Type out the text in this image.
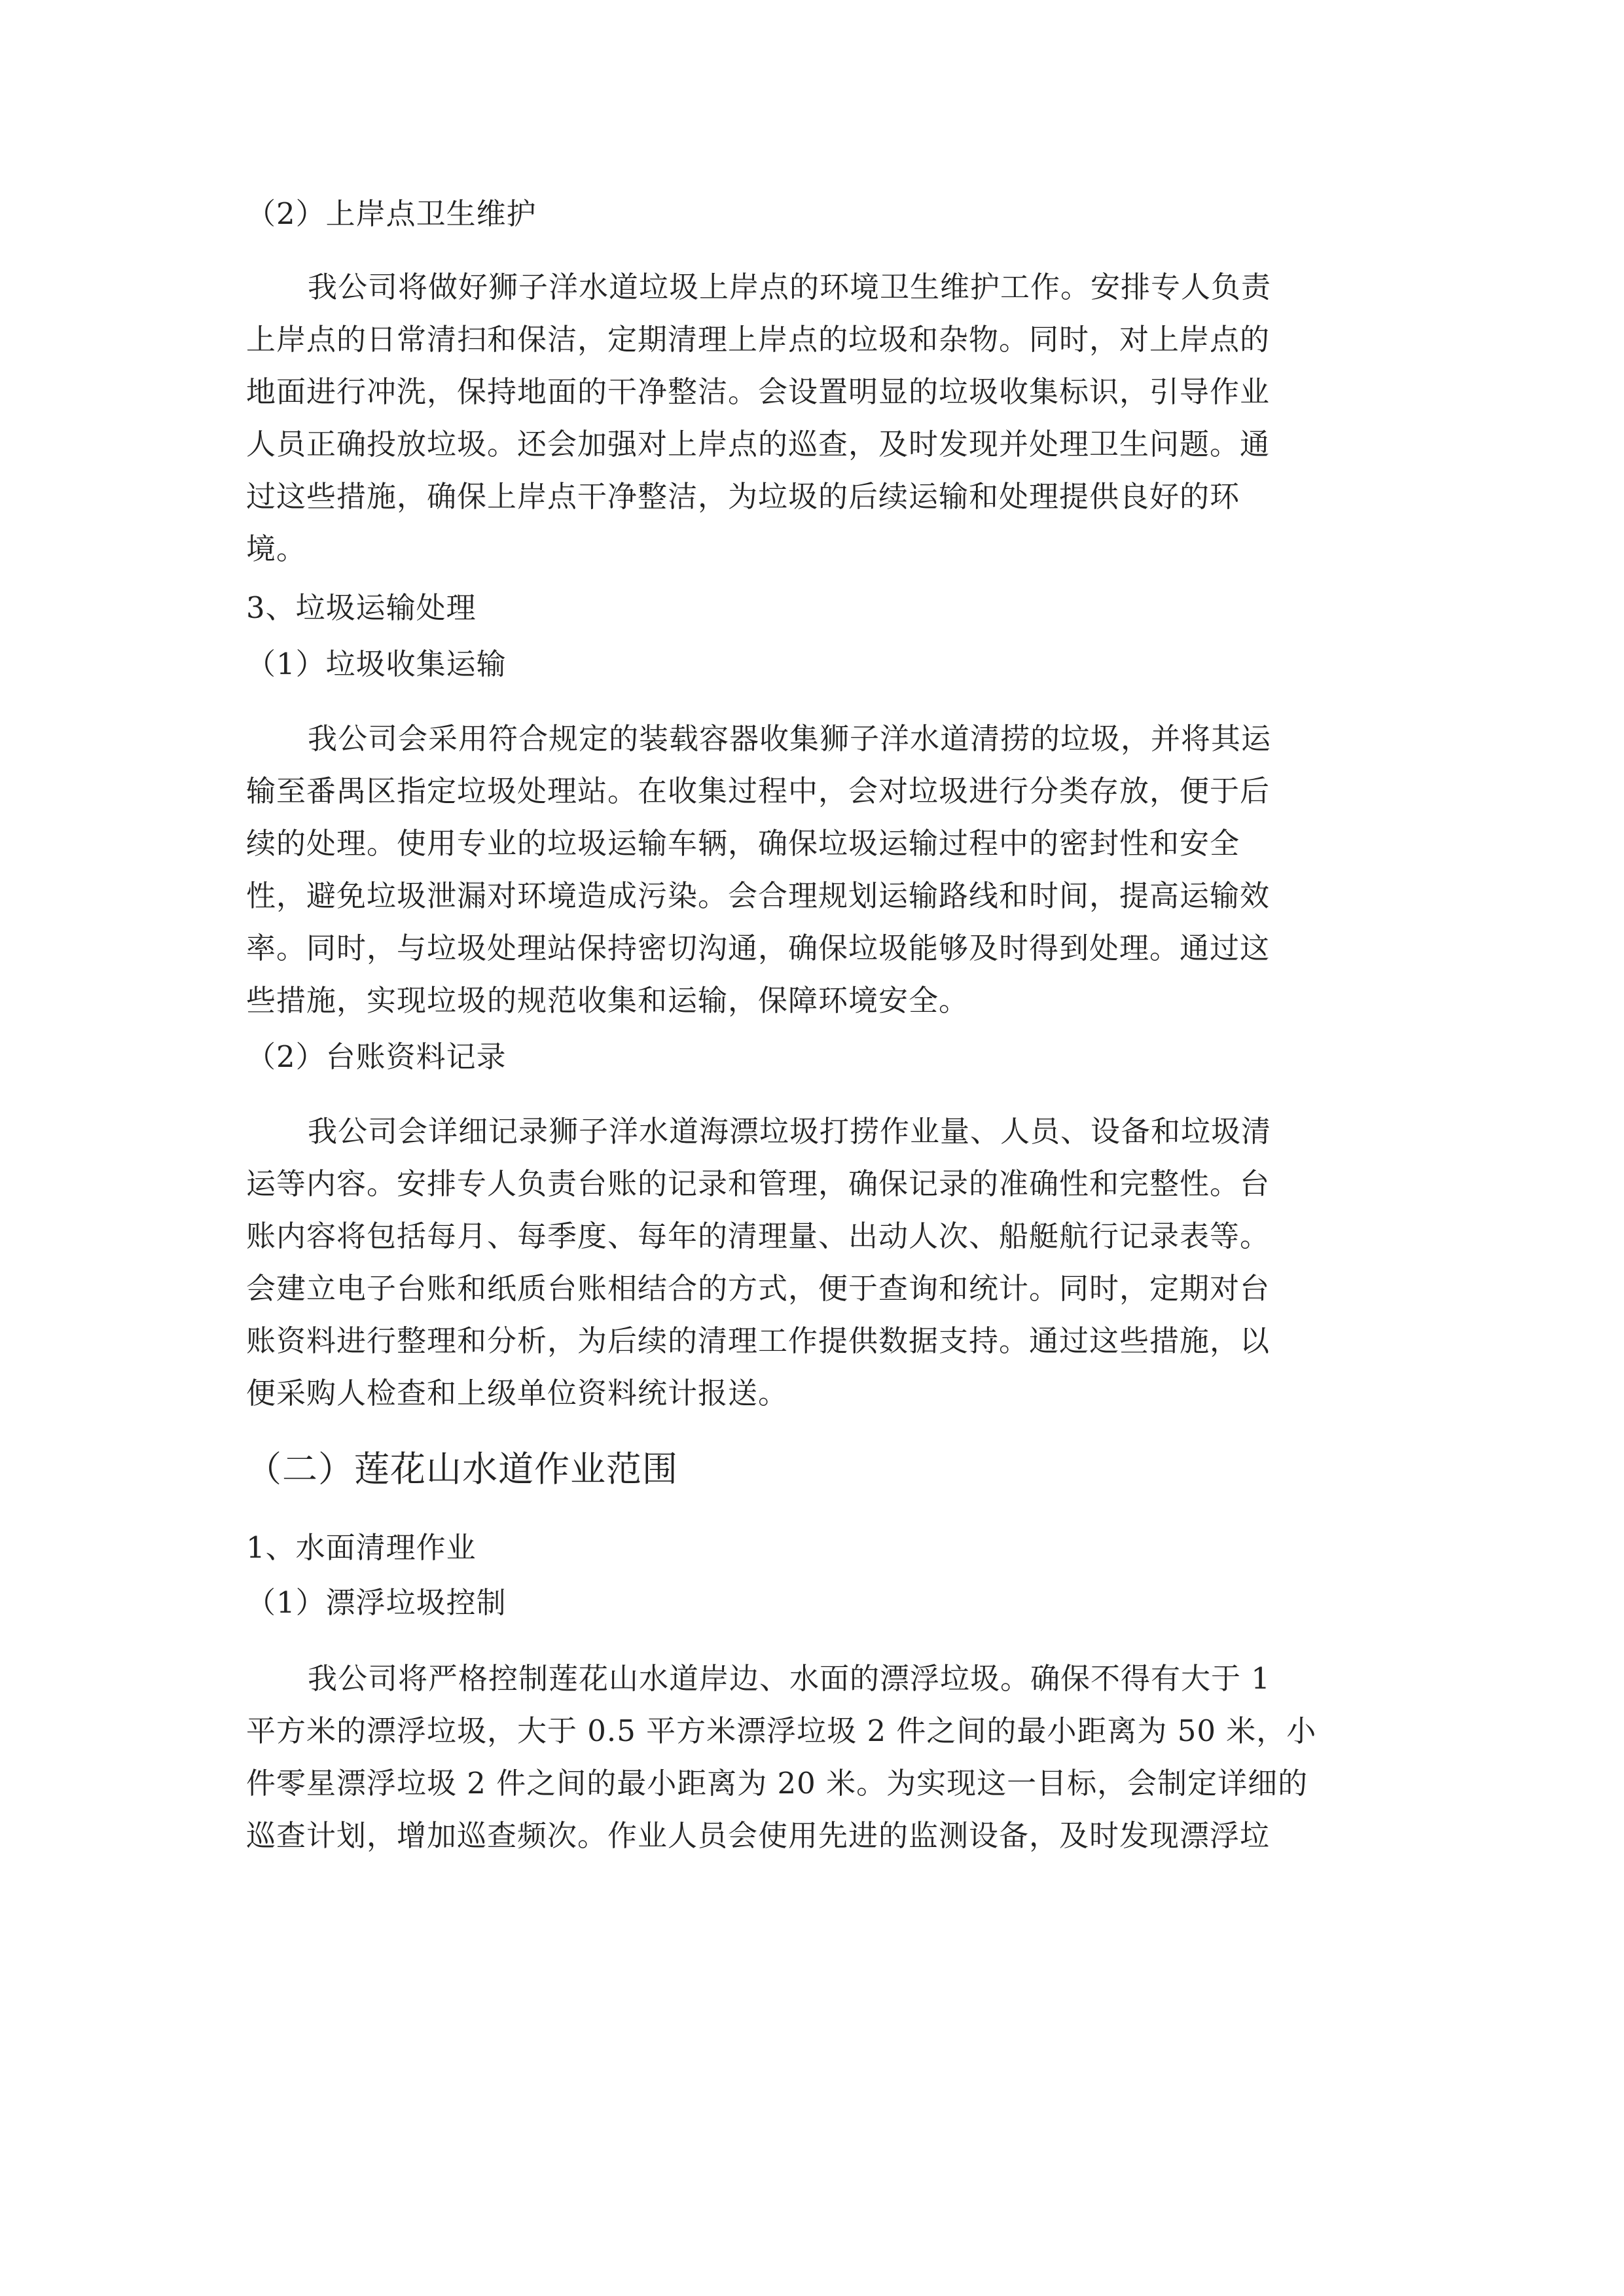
（2）上岸点卫生维护

我公司将做好狮子洋水道垃圾上岸点的环境卫生维护工作。安排专人负责

上岸点的日常清扫和保洁，定期清理上岸点的垃圾和杂物。同时，对上岸点的

地面进行冲洗，保持地面的干净整洁。会设置明显的垃圾收集标识，引导作业

人员正确投放垃圾。还会加强对上岸点的巡查，及时发现并处理卫生问题。通

过这些措施，确保上岸点干净整洁，为垃圾的后续运输和处理提供良好的环

境。

3、垃圾运输处理

（1）垃圾收集运输

我公司会采用符合规定的装载容器收集狮子洋水道清捞的垃圾，并将其运

输至番禺区指定垃圾处理站。在收集过程中，会对垃圾进行分类存放，便于后

续的处理。使用专业的垃圾运输车辆，确保垃圾运输过程中的密封性和安全

性，避免垃圾泄漏对环境造成污染。会合理规划运输路线和时间，提高运输效

率。同时，与垃圾处理站保持密切沟通，确保垃圾能够及时得到处理。通过这

些措施，实现垃圾的规范收集和运输，保障环境安全。

（2）台账资料记录

我公司会详细记录狮子洋水道海漂垃圾打捞作业量、人员、设备和垃圾清

运等内容。安排专人负责台账的记录和管理，确保记录的准确性和完整性。台

账内容将包括每月、每季度、每年的清理量、出动人次、船艇航行记录表等。

会建立电子台账和纸质台账相结合的方式，便于查询和统计。同时，定期对台

账资料进行整理和分析，为后续的清理工作提供数据支持。通过这些措施，以

便采购人检查和上级单位资料统计报送。

（二）莲花山水道作业范围

1、水面清理作业

（1）漂浮垃圾控制

我公司将严格控制莲花山水道岸边、水面的漂浮垃圾。确保不得有大于 1

平方米的漂浮垃圾，大于 0.5 平方米漂浮垃圾 2 件之间的最小距离为 50 米，小

件零星漂浮垃圾 2 件之间的最小距离为 20 米。为实现这一目标，会制定详细的

巡查计划，增加巡查频次。作业人员会使用先进的监测设备，及时发现漂浮垃
